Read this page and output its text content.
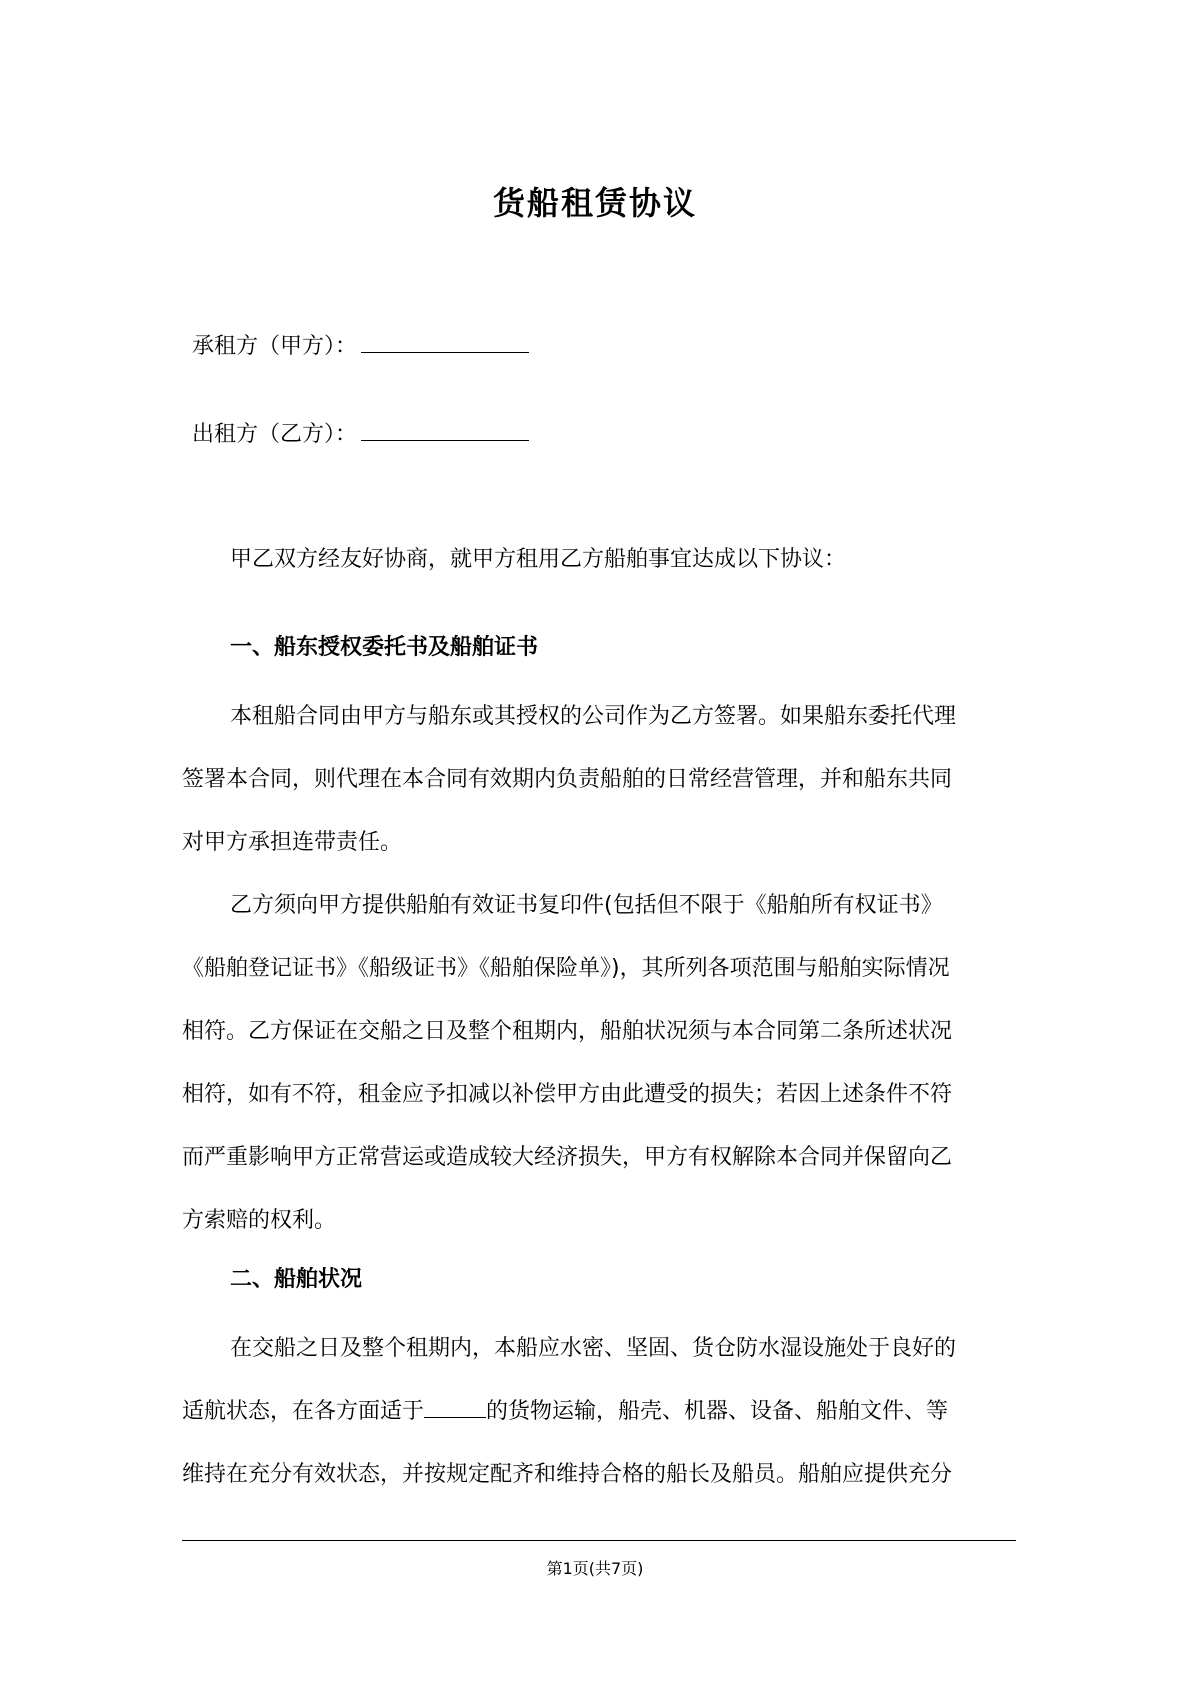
货船租赁协议
承租方（甲方）：
出租方（乙方）：
甲乙双方经友好协商，就甲方租用乙方船舶事宜达成以下协议：
一、船东授权委托书及船舶证书
本租船合同由甲方与船东或其授权的公司作为乙方签署。如果船东委托代理
签署本合同，则代理在本合同有效期内负责船舶的日常经营管理，并和船东共同
对甲方承担连带责任。
乙方须向甲方提供船舶有效证书复印件(包括但不限于《船舶所有权证书》
《船舶登记证书》《船级证书》《船舶保险单》)，其所列各项范围与船舶实际情况
相符。乙方保证在交船之日及整个租期内，船舶状况须与本合同第二条所述状况
相符，如有不符，租金应予扣减以补偿甲方由此遭受的损失；若因上述条件不符
而严重影响甲方正常营运或造成较大经济损失，甲方有权解除本合同并保留向乙
方索赔的权利。
二、船舶状况
在交船之日及整个租期内，本船应水密、坚固、货仓防水湿设施处于良好的
适航状态，在各方面适于	的货物运输，船壳、机器、设备、船舶文件、等
维持在充分有效状态，并按规定配齐和维持合格的船长及船员。船舶应提供充分
第1页(共7页)
